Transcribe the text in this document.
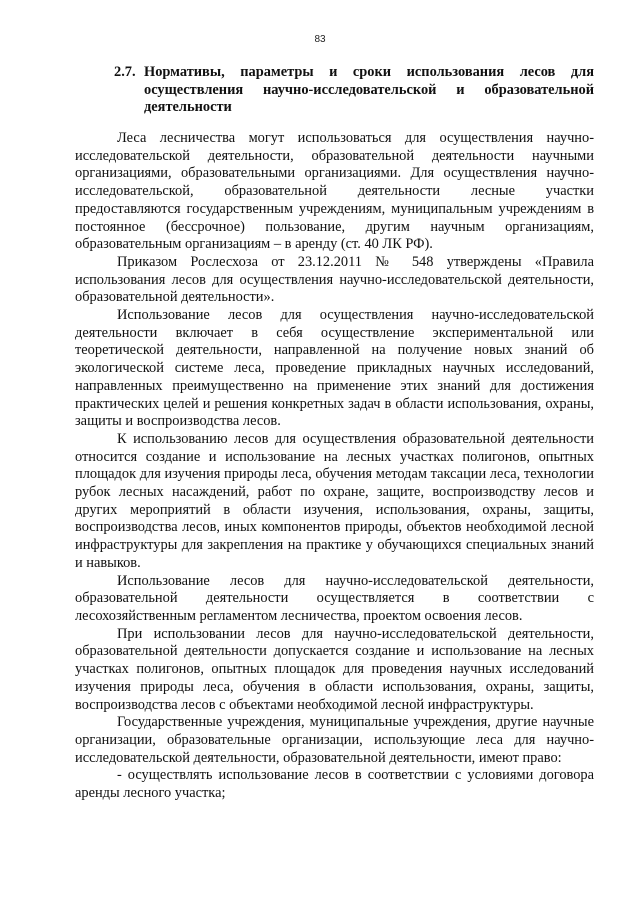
83
2.7. Нормативы, параметры и сроки использования лесов для осуществления научно-исследовательской и образовательной деятельности

Леса лесничества могут использоваться для осуществления научно-исследовательской деятельности, образовательной деятельности научными организациями, образовательными организациями. Для осуществления научно-исследовательской, образовательной деятельности лесные участки предоставляются государственным учреждениям, муниципальным учреждениям в постоянное (бессрочное) пользование, другим научным организациям, образовательным организациям – в аренду (ст. 40 ЛК РФ).

Приказом Рослесхоза от 23.12.2011 № 548 утверждены «Правила использования лесов для осуществления научно-исследовательской деятельности, образовательной деятельности».

Использование лесов для осуществления научно-исследовательской деятельности включает в себя осуществление экспериментальной или теоретической деятельности, направленной на получение новых знаний об экологической системе леса, проведение прикладных научных исследований, направленных преимущественно на применение этих знаний для достижения практических целей и решения конкретных задач в области использования, охраны, защиты и воспроизводства лесов.

К использованию лесов для осуществления образовательной деятельности относится создание и использование на лесных участках полигонов, опытных площадок для изучения природы леса, обучения методам таксации леса, технологии рубок лесных насаждений, работ по охране, защите, воспроизводству лесов и других мероприятий в области изучения, использования, охраны, защиты, воспроизводства лесов, иных компонентов природы, объектов необходимой лесной инфраструктуры для закрепления на практике у обучающихся специальных знаний и навыков.

Использование лесов для научно-исследовательской деятельности, образовательной деятельности осуществляется в соответствии с лесохозяйственным регламентом лесничества, проектом освоения лесов.

При использовании лесов для научно-исследовательской деятельности, образовательной деятельности допускается создание и использование на лесных участках полигонов, опытных площадок для проведения научных исследований изучения природы леса, обучения в области использования, охраны, защиты, воспроизводства лесов с объектами необходимой лесной инфраструктуры.

Государственные учреждения, муниципальные учреждения, другие научные организации, образовательные организации, использующие леса для научно-исследовательской деятельности, образовательной деятельности, имеют право:

- осуществлять использование лесов в соответствии с условиями договора аренды лесного участка;
